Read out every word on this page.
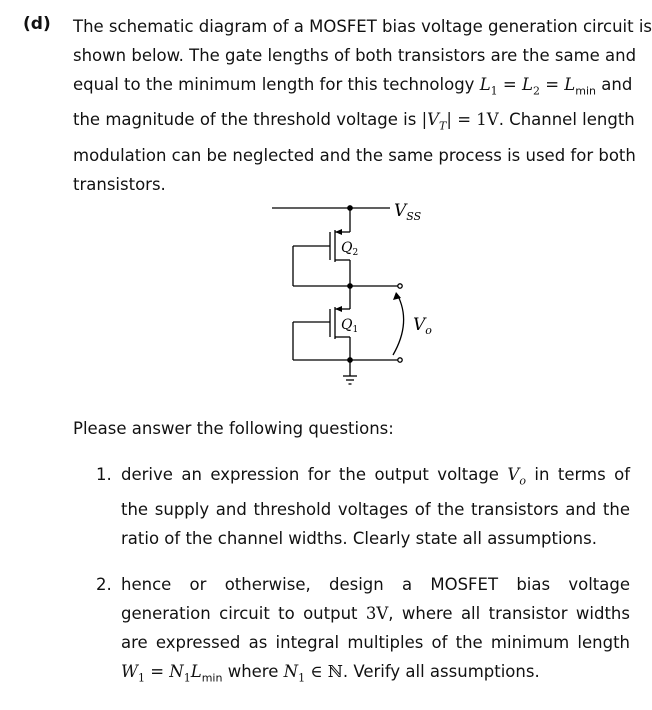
(d) The schematic diagram of a MOSFET bias voltage generation circuit is
shown below. The gate lengths of both transistors are the same and
equal to the minimum length for this technology $L_1 = L_2 = L_{min}$ and
the magnitude of the threshold voltage is $|V_T| = 1V$. Channel length
modulation can be neglected and the same process is used for both
transistors.
$V_{SS}$
$Q_2$
$Q_1$	$V_o$
Please answer the following questions:
1. derive an expression for the output voltage $V_o$ in terms of the supply and threshold voltages of the transistors and the ratio of the channel widths. Clearly state all assumptions.
2. hence or otherwise, design a MOSFET bias voltage generation circuit to output 3V, where all transistor widths are expressed as integral multiples of the minimum length $W_1 = N_1L_{min}$ where $N_1$ ∈ ℕ. Verify all assumptions.
